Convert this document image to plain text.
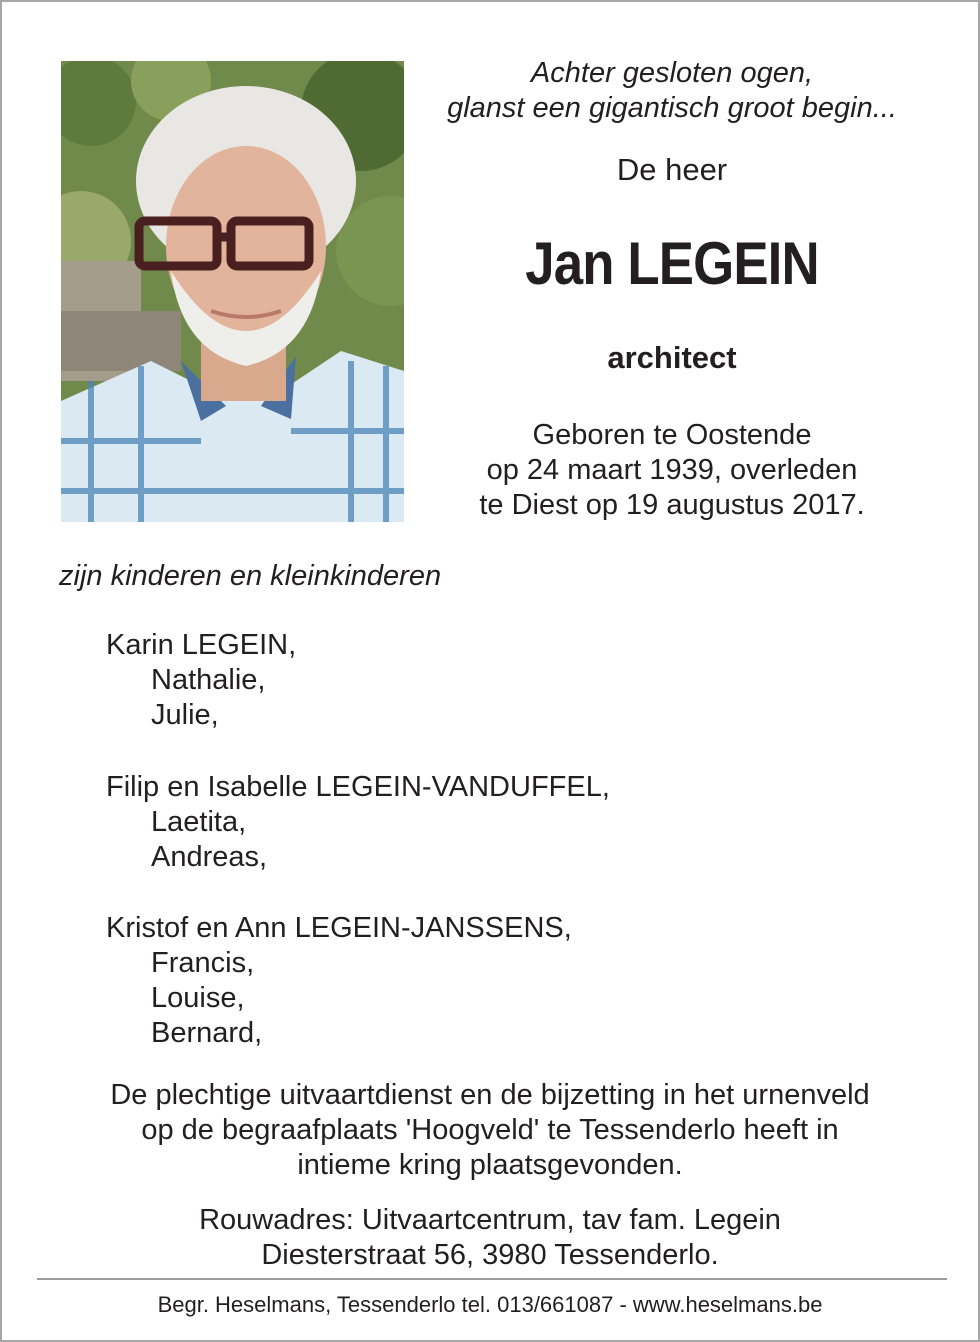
Achter gesloten ogen,
glanst een gigantisch groot begin...

De heer

Jan LEGEIN

architect

Geboren te Oostende
op 24 maart 1939, overleden
te Diest op 19 augustus 2017.

zijn kinderen en kleinkinderen

Karin LEGEIN,
Nathalie,
Julie,
Filip en Isabelle LEGEIN-VANDUFFEL,
Laetita,
Andreas,
Kristof en Ann LEGEIN-JANSSENS,
Francis,
Louise,
Bernard,

De plechtige uitvaartdienst en de bijzetting in het urnenveld
op de begraafplaats 'Hoogveld' te Tessenderlo heeft in
intieme kring plaatsgevonden.

Rouwadres: Uitvaartcentrum, tav fam. Legein
Diesterstraat 56, 3980 Tessenderlo.

Begr. Heselmans, Tessenderlo tel. 013/661087 - www.heselmans.be
